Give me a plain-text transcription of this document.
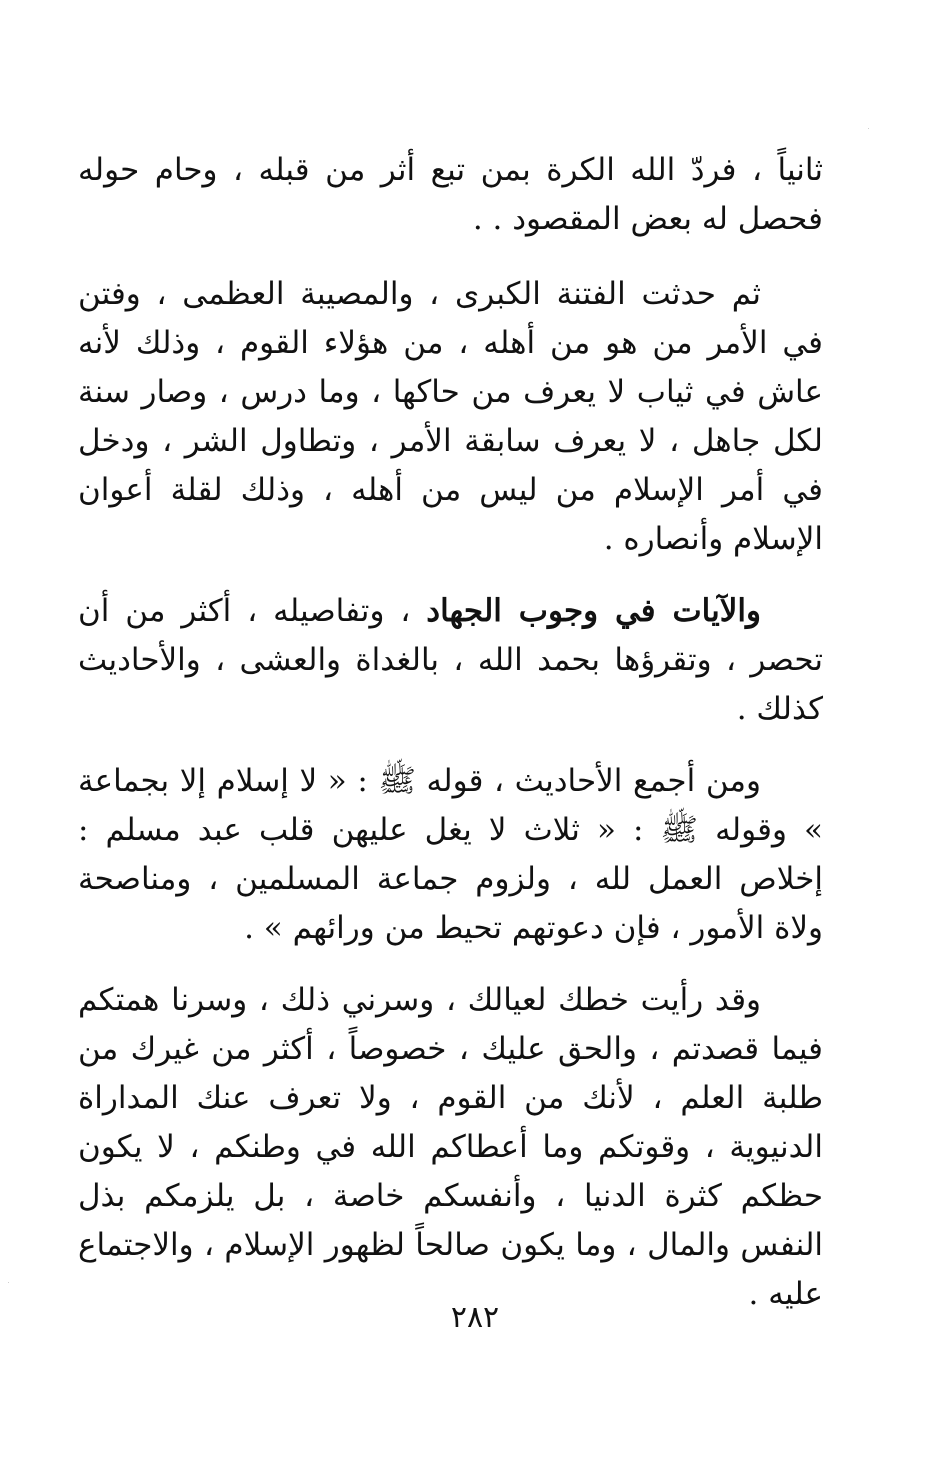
ثانياً ، فردّ الله الكرة بمن تبع أثر من قبله ، وحام حوله فحصل له بعض المقصود . .
ثم حدثت الفتنة الكبرى ، والمصيبة العظمى ، وفتن في الأمر من هو من أهله ، من هؤلاء القوم ، وذلك لأنه عاش في ثياب لا يعرف من حاكها ، وما درس ، وصار سنة لكل جاهل ، لا يعرف سابقة الأمر ، وتطاول الشر ، ودخل في أمر الإسلام من ليس من أهله ، وذلك لقلة أعوان الإسلام وأنصاره .
والآيات في وجوب الجهاد ، وتفاصيله ، أكثر من أن تحصر ، وتقرؤها بحمد الله ، بالغداة والعشى ، والأحاديث كذلك .
ومن أجمع الأحاديث ، قوله ﷺ : « لا إسلام إلا بجماعة » وقوله ﷺ : « ثلاث لا يغل عليهن قلب عبد مسلم : إخلاص العمل لله ، ولزوم جماعة المسلمين ، ومناصحة ولاة الأمور ، فإن دعوتهم تحيط من ورائهم » .
وقد رأيت خطك لعيالك ، وسرني ذلك ، وسرنا همتكم فيما قصدتم ، والحق عليك ، خصوصاً ، أكثر من غيرك من طلبة العلم ، لأنك من القوم ، ولا تعرف عنك المداراة الدنيوية ، وقوتكم وما أعطاكم الله في وطنكم ، لا يكون حظكم كثرة الدنيا ، وأنفسكم خاصة ، بل يلزمكم بذل النفس والمال ، وما يكون صالحاً لظهور الإسلام ، والاجتماع عليه .
٢٨٢
